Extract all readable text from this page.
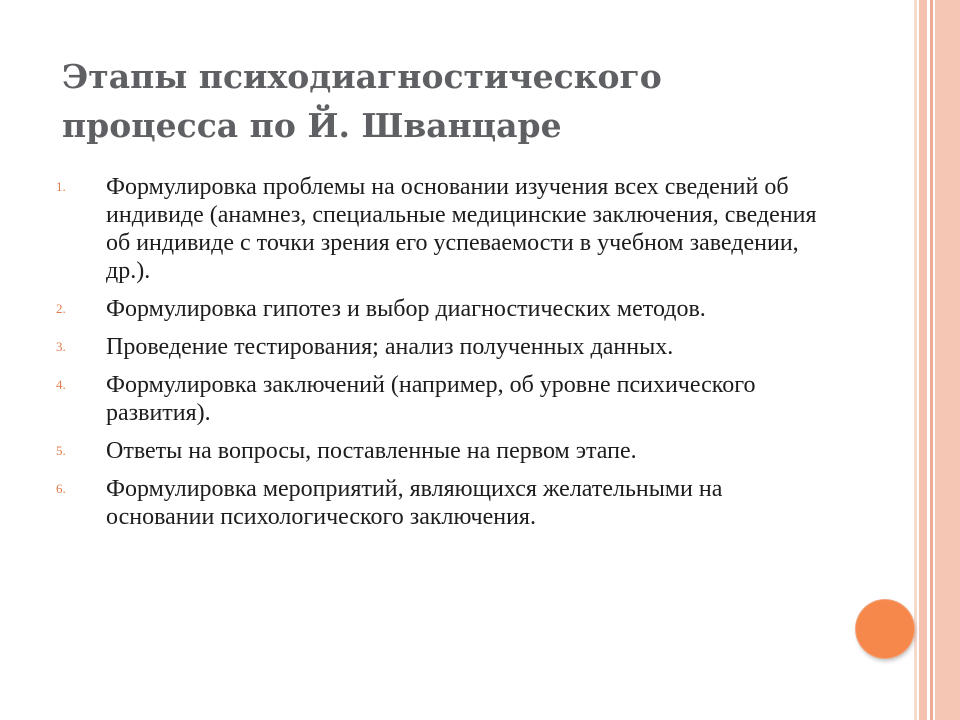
Этапы психодиагностического
процесса по Й. Шванцаре
1.	Формулировка проблемы на основании изучения всех сведений об индивиде (анамнез, специальные медицинские заключения, сведения об индивиде с точки зрения его успеваемости в учебном заведении, др.).
2.	Формулировка гипотез и выбор диагностических методов.
3.	Проведение тестирования; анализ полученных данных.
4.	Формулировка заключений (например, об уровне психического развития).
5.	Ответы на вопросы, поставленные на первом этапе.
6.	Формулировка мероприятий, являющихся желательными на основании психологического заключения.
